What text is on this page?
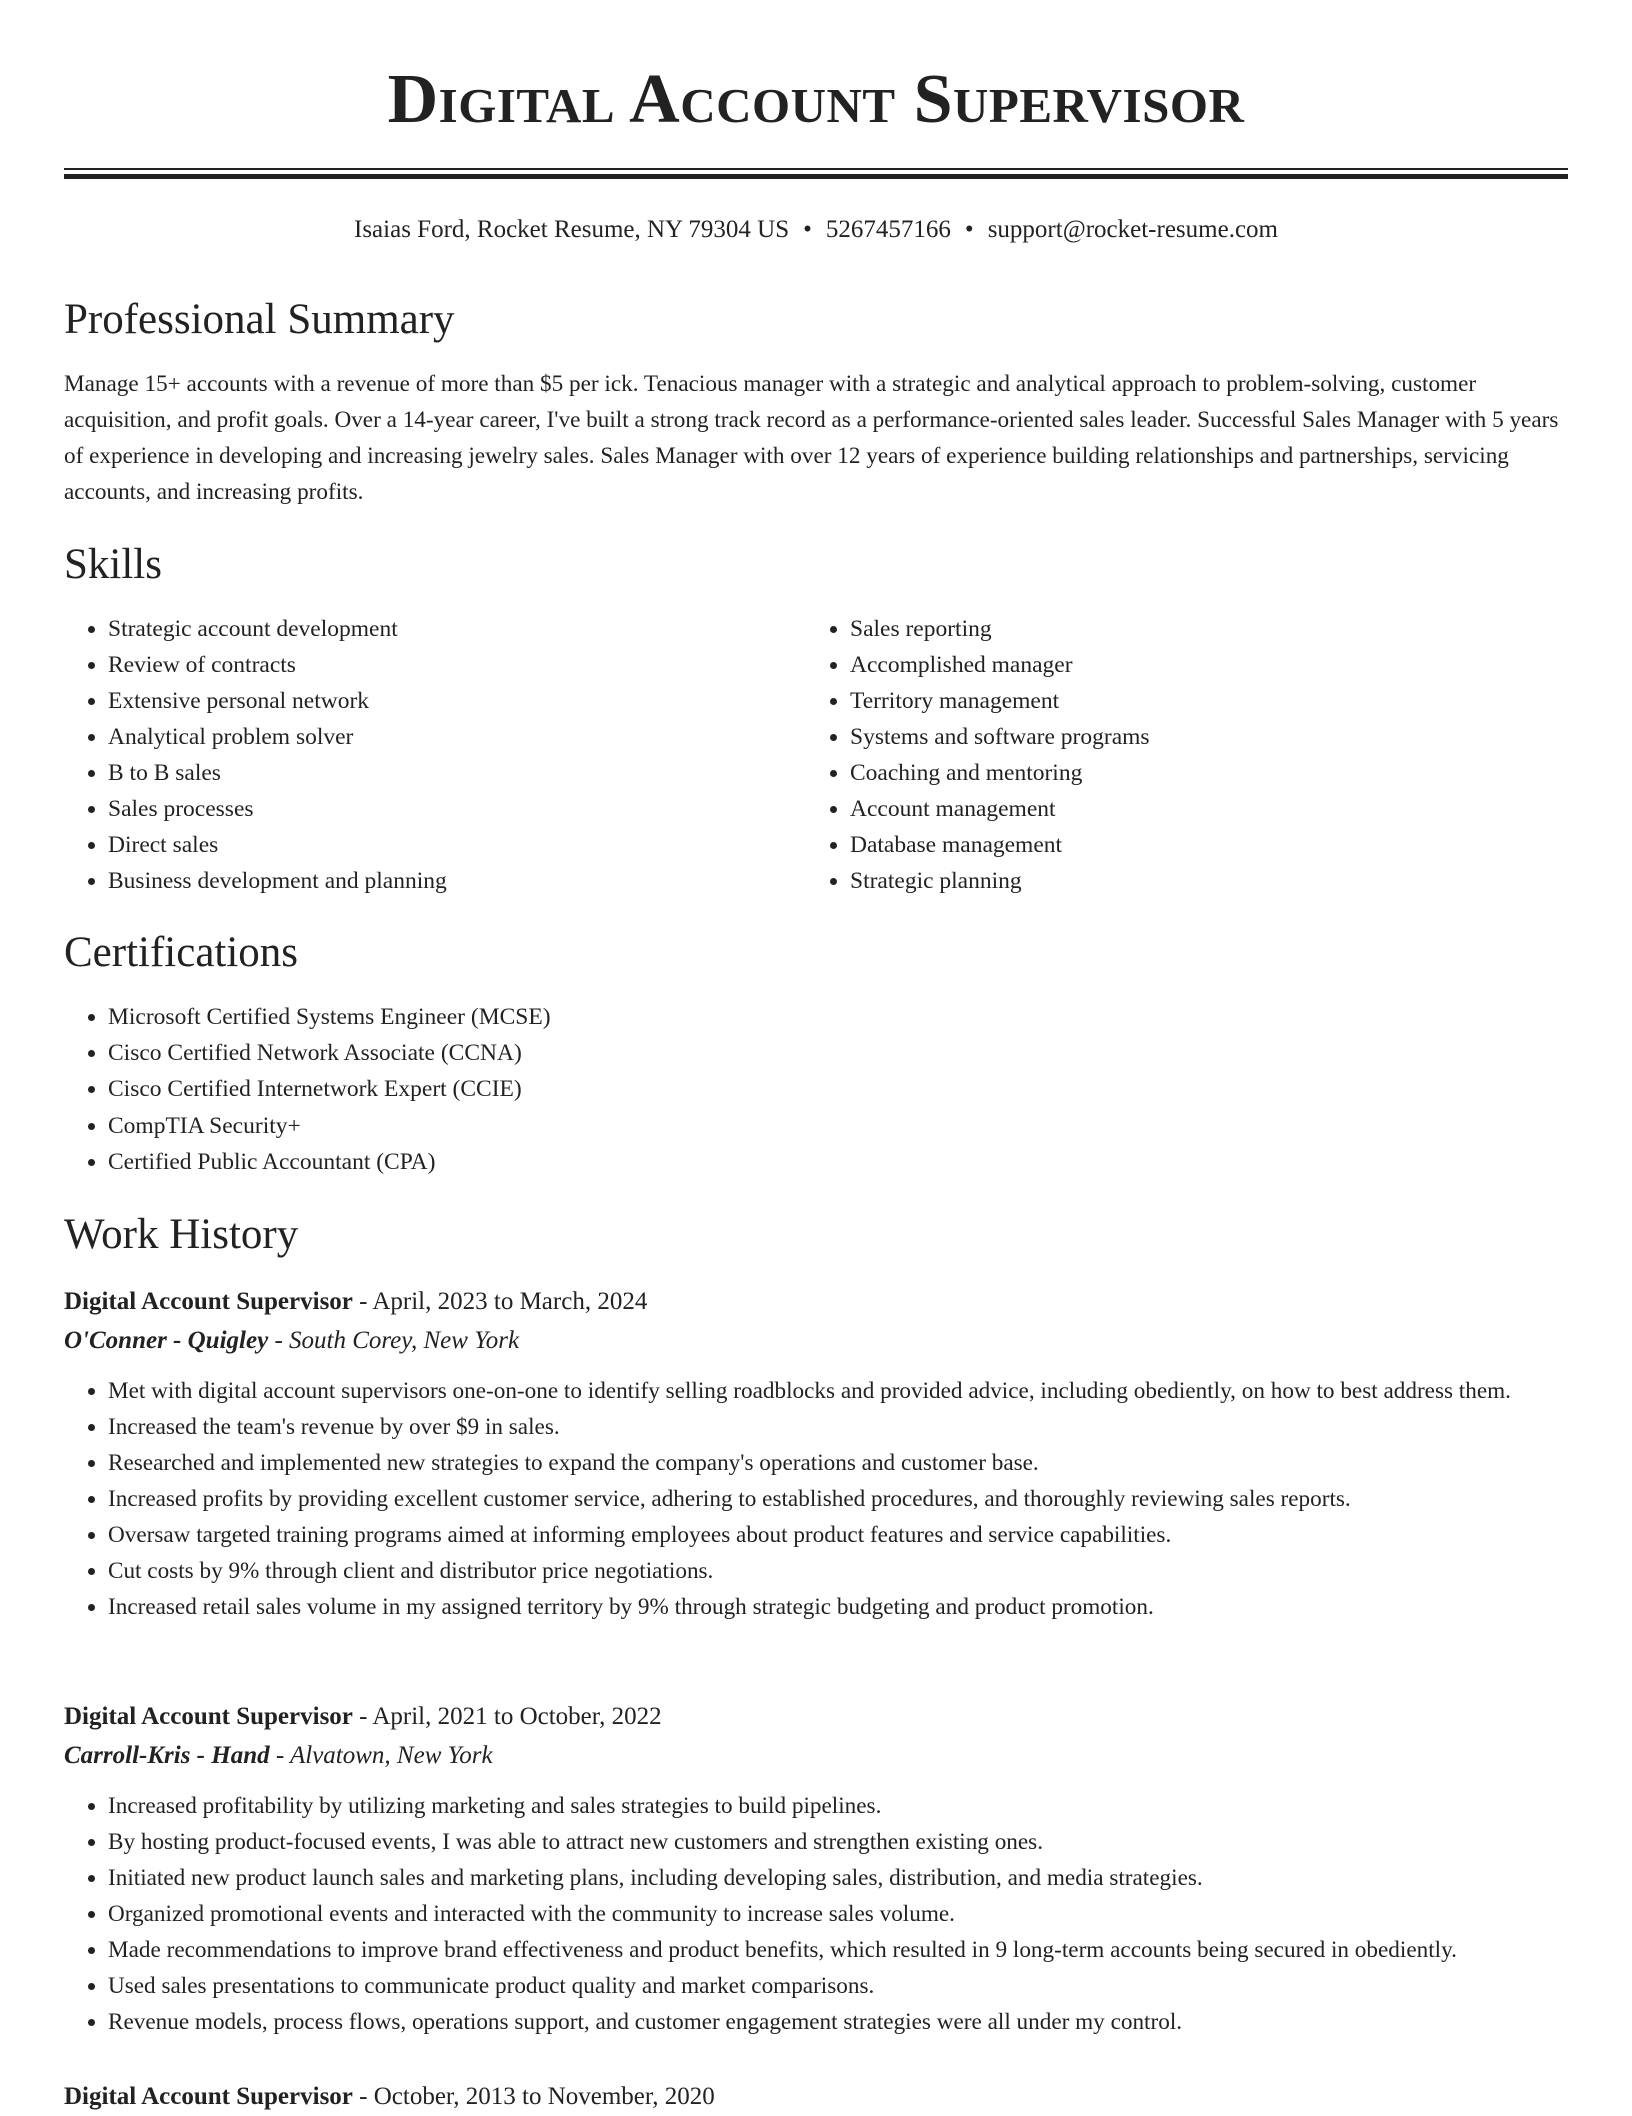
Digital Account Supervisor
Isaias Ford, Rocket Resume, NY 79304 US • 5267457166 • support@rocket-resume.com
Professional Summary

Manage 15+ accounts with a revenue of more than $5 per ick. Tenacious manager with a strategic and analytical approach to problem-solving, customer acquisition, and profit goals. Over a 14-year career, I've built a strong track record as a performance-oriented sales leader. Successful Sales Manager with 5 years of experience in developing and increasing jewelry sales. Sales Manager with over 12 years of experience building relationships and partnerships, servicing accounts, and increasing profits.

Skills
• Strategic account development
• Review of contracts
• Extensive personal network
• Analytical problem solver
• B to B sales
• Sales processes
• Direct sales
• Business development and planning
• Sales reporting
• Accomplished manager
• Territory management
• Systems and software programs
• Coaching and mentoring
• Account management
• Database management
• Strategic planning
Certifications
• Microsoft Certified Systems Engineer (MCSE)
• Cisco Certified Network Associate (CCNA)
• Cisco Certified Internetwork Expert (CCIE)
• CompTIA Security+
• Certified Public Accountant (CPA)
Work History
Digital Account Supervisor - April, 2023 to March, 2024
O'Conner - Quigley - South Corey, New York
• Met with digital account supervisors one-on-one to identify selling roadblocks and provided advice, including obediently, on how to best address them.
• Increased the team's revenue by over $9 in sales.
• Researched and implemented new strategies to expand the company's operations and customer base.
• Increased profits by providing excellent customer service, adhering to established procedures, and thoroughly reviewing sales reports.
• Oversaw targeted training programs aimed at informing employees about product features and service capabilities.
• Cut costs by 9% through client and distributor price negotiations.
• Increased retail sales volume in my assigned territory by 9% through strategic budgeting and product promotion.
Digital Account Supervisor - April, 2021 to October, 2022
Carroll-Kris - Hand - Alvatown, New York
• Increased profitability by utilizing marketing and sales strategies to build pipelines.
• By hosting product-focused events, I was able to attract new customers and strengthen existing ones.
• Initiated new product launch sales and marketing plans, including developing sales, distribution, and media strategies.
• Organized promotional events and interacted with the community to increase sales volume.
• Made recommendations to improve brand effectiveness and product benefits, which resulted in 9 long-term accounts being secured in obediently.
• Used sales presentations to communicate product quality and market comparisons.
• Revenue models, process flows, operations support, and customer engagement strategies were all under my control.
Digital Account Supervisor - October, 2013 to November, 2020
